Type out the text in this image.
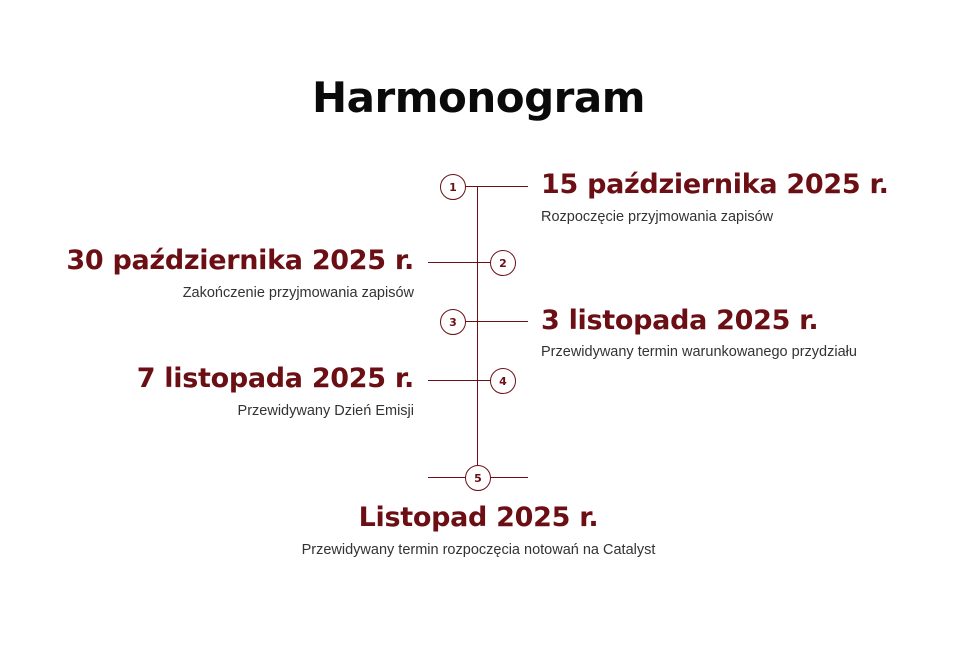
Harmonogram
1
2
3
4
5
15 października 2025 r.
Rozpoczęcie przyjmowania zapisów
30 października 2025 r.
Zakończenie przyjmowania zapisów
3 listopada 2025 r.
Przewidywany termin warunkowanego przydziału
7 listopada 2025 r.
Przewidywany Dzień Emisji
Listopad 2025 r.
Przewidywany termin rozpoczęcia notowań na Catalyst
